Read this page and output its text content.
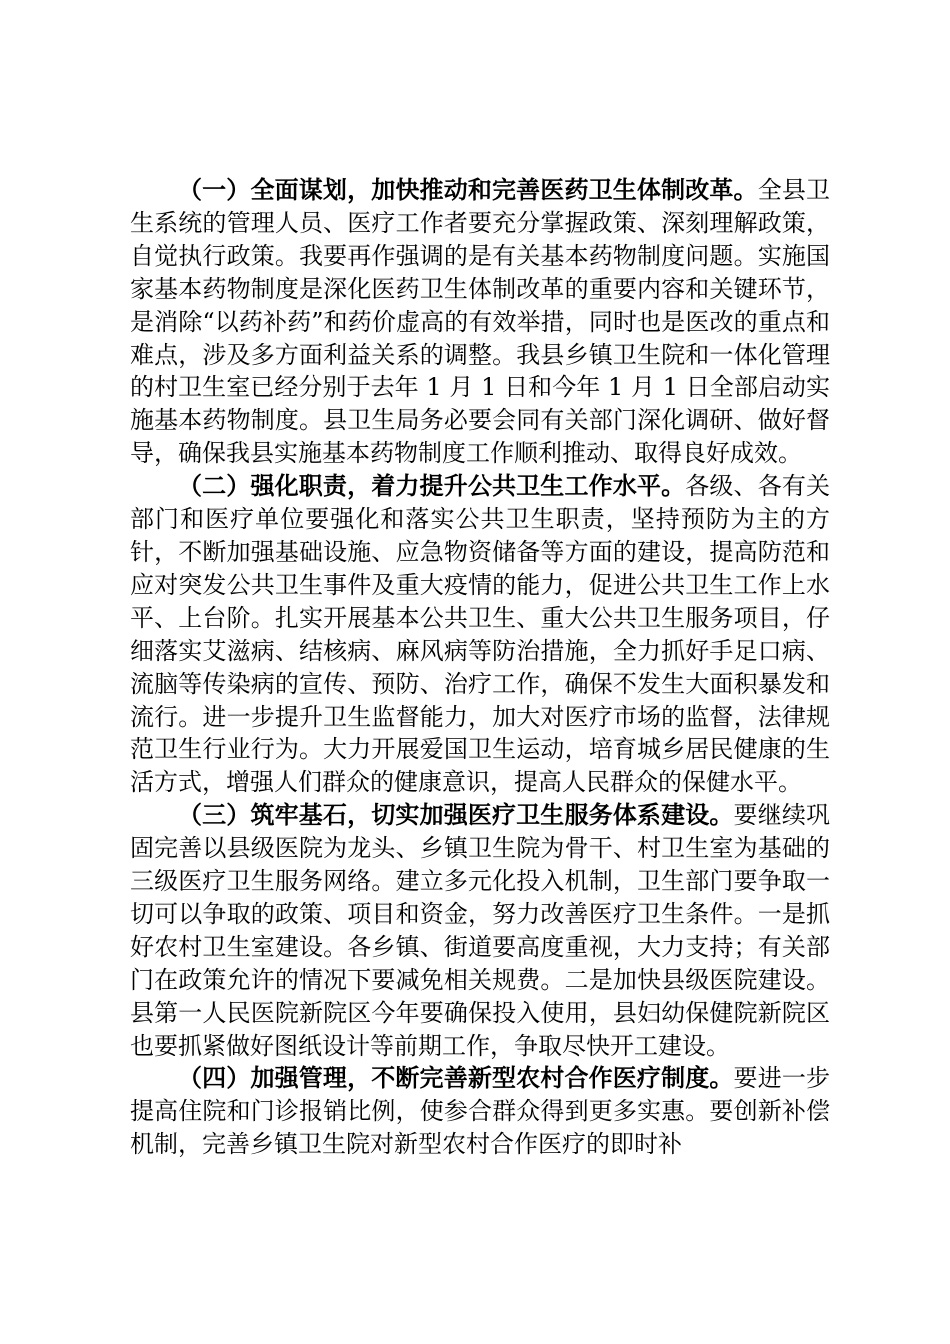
（一）全面谋划，加快推动和完善医药卫生体制改革。全县卫生系统的管理人员、医疗工作者要充分掌握政策、深刻理解政策，自觉执行政策。我要再作强调的是有关基本药物制度问题。实施国家基本药物制度是深化医药卫生体制改革的重要内容和关键环节，是消除“以药补药”和药价虚高的有效举措，同时也是医改的重点和难点，涉及多方面利益关系的调整。我县乡镇卫生院和一体化管理的村卫生室已经分别于去年 1 月 1 日和今年 1 月 1 日全部启动实施基本药物制度。县卫生局务必要会同有关部门深化调研、做好督导，确保我县实施基本药物制度工作顺利推动、取得良好成效。

（二）强化职责，着力提升公共卫生工作水平。各级、各有关部门和医疗单位要强化和落实公共卫生职责，坚持预防为主的方针，不断加强基础设施、应急物资储备等方面的建设，提高防范和应对突发公共卫生事件及重大疫情的能力，促进公共卫生工作上水平、上台阶。扎实开展基本公共卫生、重大公共卫生服务项目，仔细落实艾滋病、结核病、麻风病等防治措施，全力抓好手足口病、流脑等传染病的宣传、预防、治疗工作，确保不发生大面积暴发和流行。进一步提升卫生监督能力，加大对医疗市场的监督，法律规范卫生行业行为。大力开展爱国卫生运动，培育城乡居民健康的生活方式，增强人们群众的健康意识，提高人民群众的保健水平。

（三）筑牢基石，切实加强医疗卫生服务体系建设。要继续巩固完善以县级医院为龙头、乡镇卫生院为骨干、村卫生室为基础的三级医疗卫生服务网络。建立多元化投入机制，卫生部门要争取一切可以争取的政策、项目和资金，努力改善医疗卫生条件。一是抓好农村卫生室建设。各乡镇、街道要高度重视，大力支持；有关部门在政策允许的情况下要减免相关规费。二是加快县级医院建设。县第一人民医院新院区今年要确保投入使用，县妇幼保健院新院区也要抓紧做好图纸设计等前期工作，争取尽快开工建设。

（四）加强管理，不断完善新型农村合作医疗制度。要进一步提高住院和门诊报销比例，使参合群众得到更多实惠。要创新补偿机制，完善乡镇卫生院对新型农村合作医疗的即时补
